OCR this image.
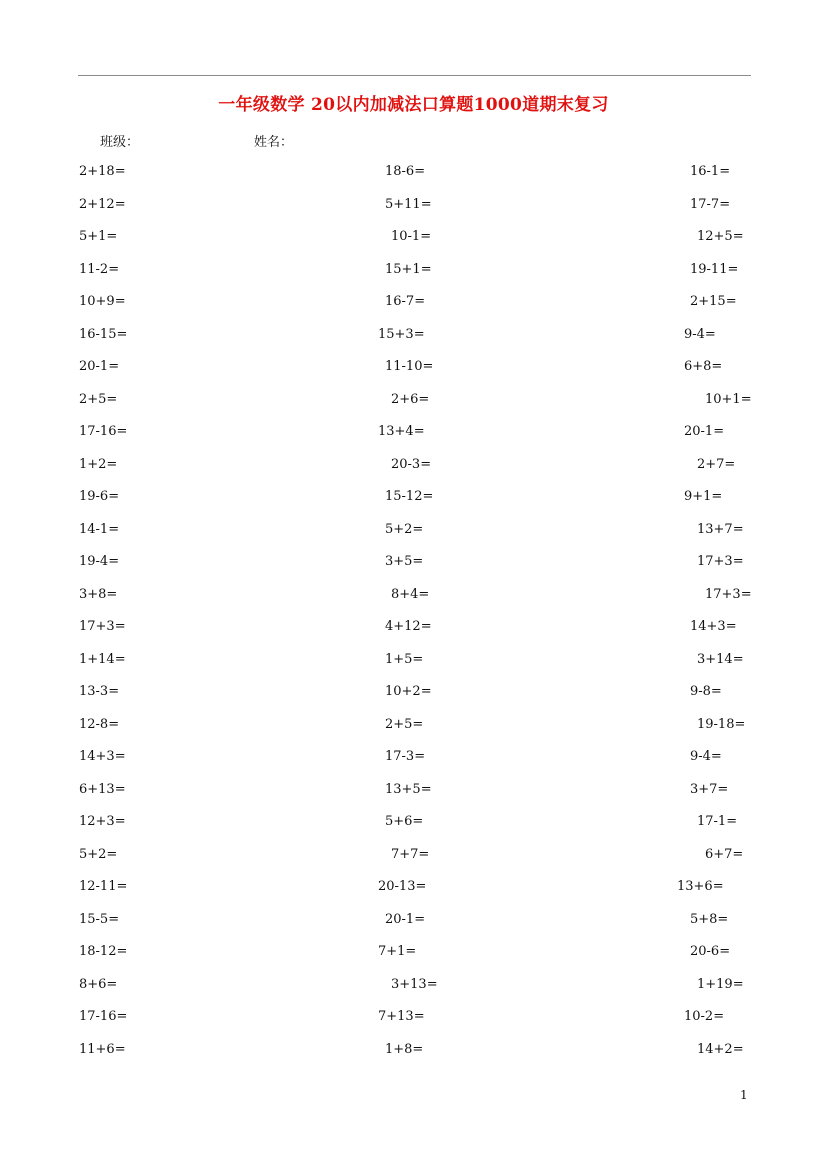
一年级数学 20以内加减法口算题1000道期末复习
班级：	姓名：
2+18=	18-6=	16-1=
2+12=	5+11=	17-7=
5+1=	10-1=	12+5=
11-2=	15+1=	19-11=
10+9=	16-7=	2+15=
16-15=	15+3=	9-4=
20-1=	11-10=	6+8=
2+5=	2+6=	10+1=
17-16=	13+4=	20-1=
1+2=	20-3=	2+7=
19-6=	15-12=	9+1=
14-1=	5+2=	13+7=
19-4=	3+5=	17+3=
3+8=	8+4=	17+3=
17+3=	4+12=	14+3=
1+14=	1+5=	3+14=
13-3=	10+2=	9-8=
12-8=	2+5=	19-18=
14+3=	17-3=	9-4=
6+13=	13+5=	3+7=
12+3=	5+6=	17-1=
5+2=	7+7=	6+7=
12-11=	20-13=	13+6=
15-5=	20-1=	5+8=
18-12=	7+1=	20-6=
8+6=	3+13=	1+19=
17-16=	7+13=	10-2=
11+6=	1+8=	14+2=
1
